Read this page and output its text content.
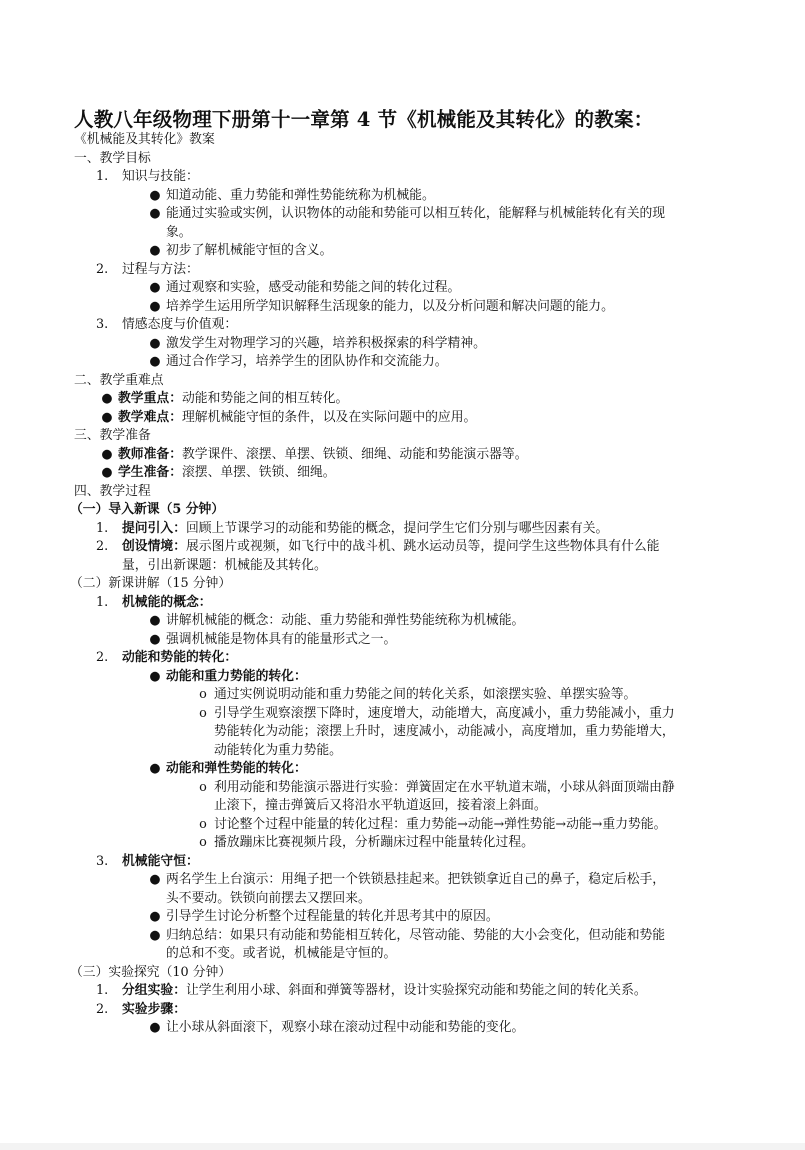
人教八年级物理下册第十一章第 4 节《机械能及其转化》的教案：
《机械能及其转化》教案
一、教学目标
1.	知识与技能：
● 知道动能、重力势能和弹性势能统称为机械能。
● 能通过实验或实例，认识物体的动能和势能可以相互转化，能解释与机械能转化有关的现
象。
● 初步了解机械能守恒的含义。
2.	过程与方法：
● 通过观察和实验，感受动能和势能之间的转化过程。
● 培养学生运用所学知识解释生活现象的能力，以及分析问题和解决问题的能力。
3.	情感态度与价值观：
● 激发学生对物理学习的兴趣，培养积极探索的科学精神。
● 通过合作学习，培养学生的团队协作和交流能力。
二、教学重难点
● 教学重点：动能和势能之间的相互转化。
● 教学难点：理解机械能守恒的条件，以及在实际问题中的应用。
三、教学准备
● 教师准备：教学课件、滚摆、单摆、铁锁、细绳、动能和势能演示器等。
● 学生准备：滚摆、单摆、铁锁、细绳。
四、教学过程
（一）导入新课（5 分钟）
1.	提问引入：回顾上节课学习的动能和势能的概念，提问学生它们分别与哪些因素有关。
2.	创设情境：展示图片或视频，如飞行中的战斗机、跳水运动员等，提问学生这些物体具有什么能
量，引出新课题：机械能及其转化。
（二）新课讲解（15 分钟）
1.	机械能的概念：
● 讲解机械能的概念：动能、重力势能和弹性势能统称为机械能。
● 强调机械能是物体具有的能量形式之一。
2.	动能和势能的转化：
● 动能和重力势能的转化：
o 通过实例说明动能和重力势能之间的转化关系，如滚摆实验、单摆实验等。
o 引导学生观察滚摆下降时，速度增大，动能增大，高度减小，重力势能减小，重力
势能转化为动能；滚摆上升时，速度减小，动能减小，高度增加，重力势能增大，
动能转化为重力势能。
● 动能和弹性势能的转化：
o 利用动能和势能演示器进行实验：弹簧固定在水平轨道末端，小球从斜面顶端由静
止滚下，撞击弹簧后又将沿水平轨道返回，接着滚上斜面。
o 讨论整个过程中能量的转化过程：重力势能→动能→弹性势能→动能→重力势能。
o 播放蹦床比赛视频片段，分析蹦床过程中能量转化过程。
3.	机械能守恒：
● 两名学生上台演示：用绳子把一个铁锁悬挂起来。把铁锁拿近自己的鼻子，稳定后松手，
头不要动。铁锁向前摆去又摆回来。
● 引导学生讨论分析整个过程能量的转化并思考其中的原因。
● 归纳总结：如果只有动能和势能相互转化，尽管动能、势能的大小会变化，但动能和势能
的总和不变。或者说，机械能是守恒的。
（三）实验探究（10 分钟）
1.	分组实验：让学生利用小球、斜面和弹簧等器材，设计实验探究动能和势能之间的转化关系。
2.	实验步骤：
● 让小球从斜面滚下，观察小球在滚动过程中动能和势能的变化。
